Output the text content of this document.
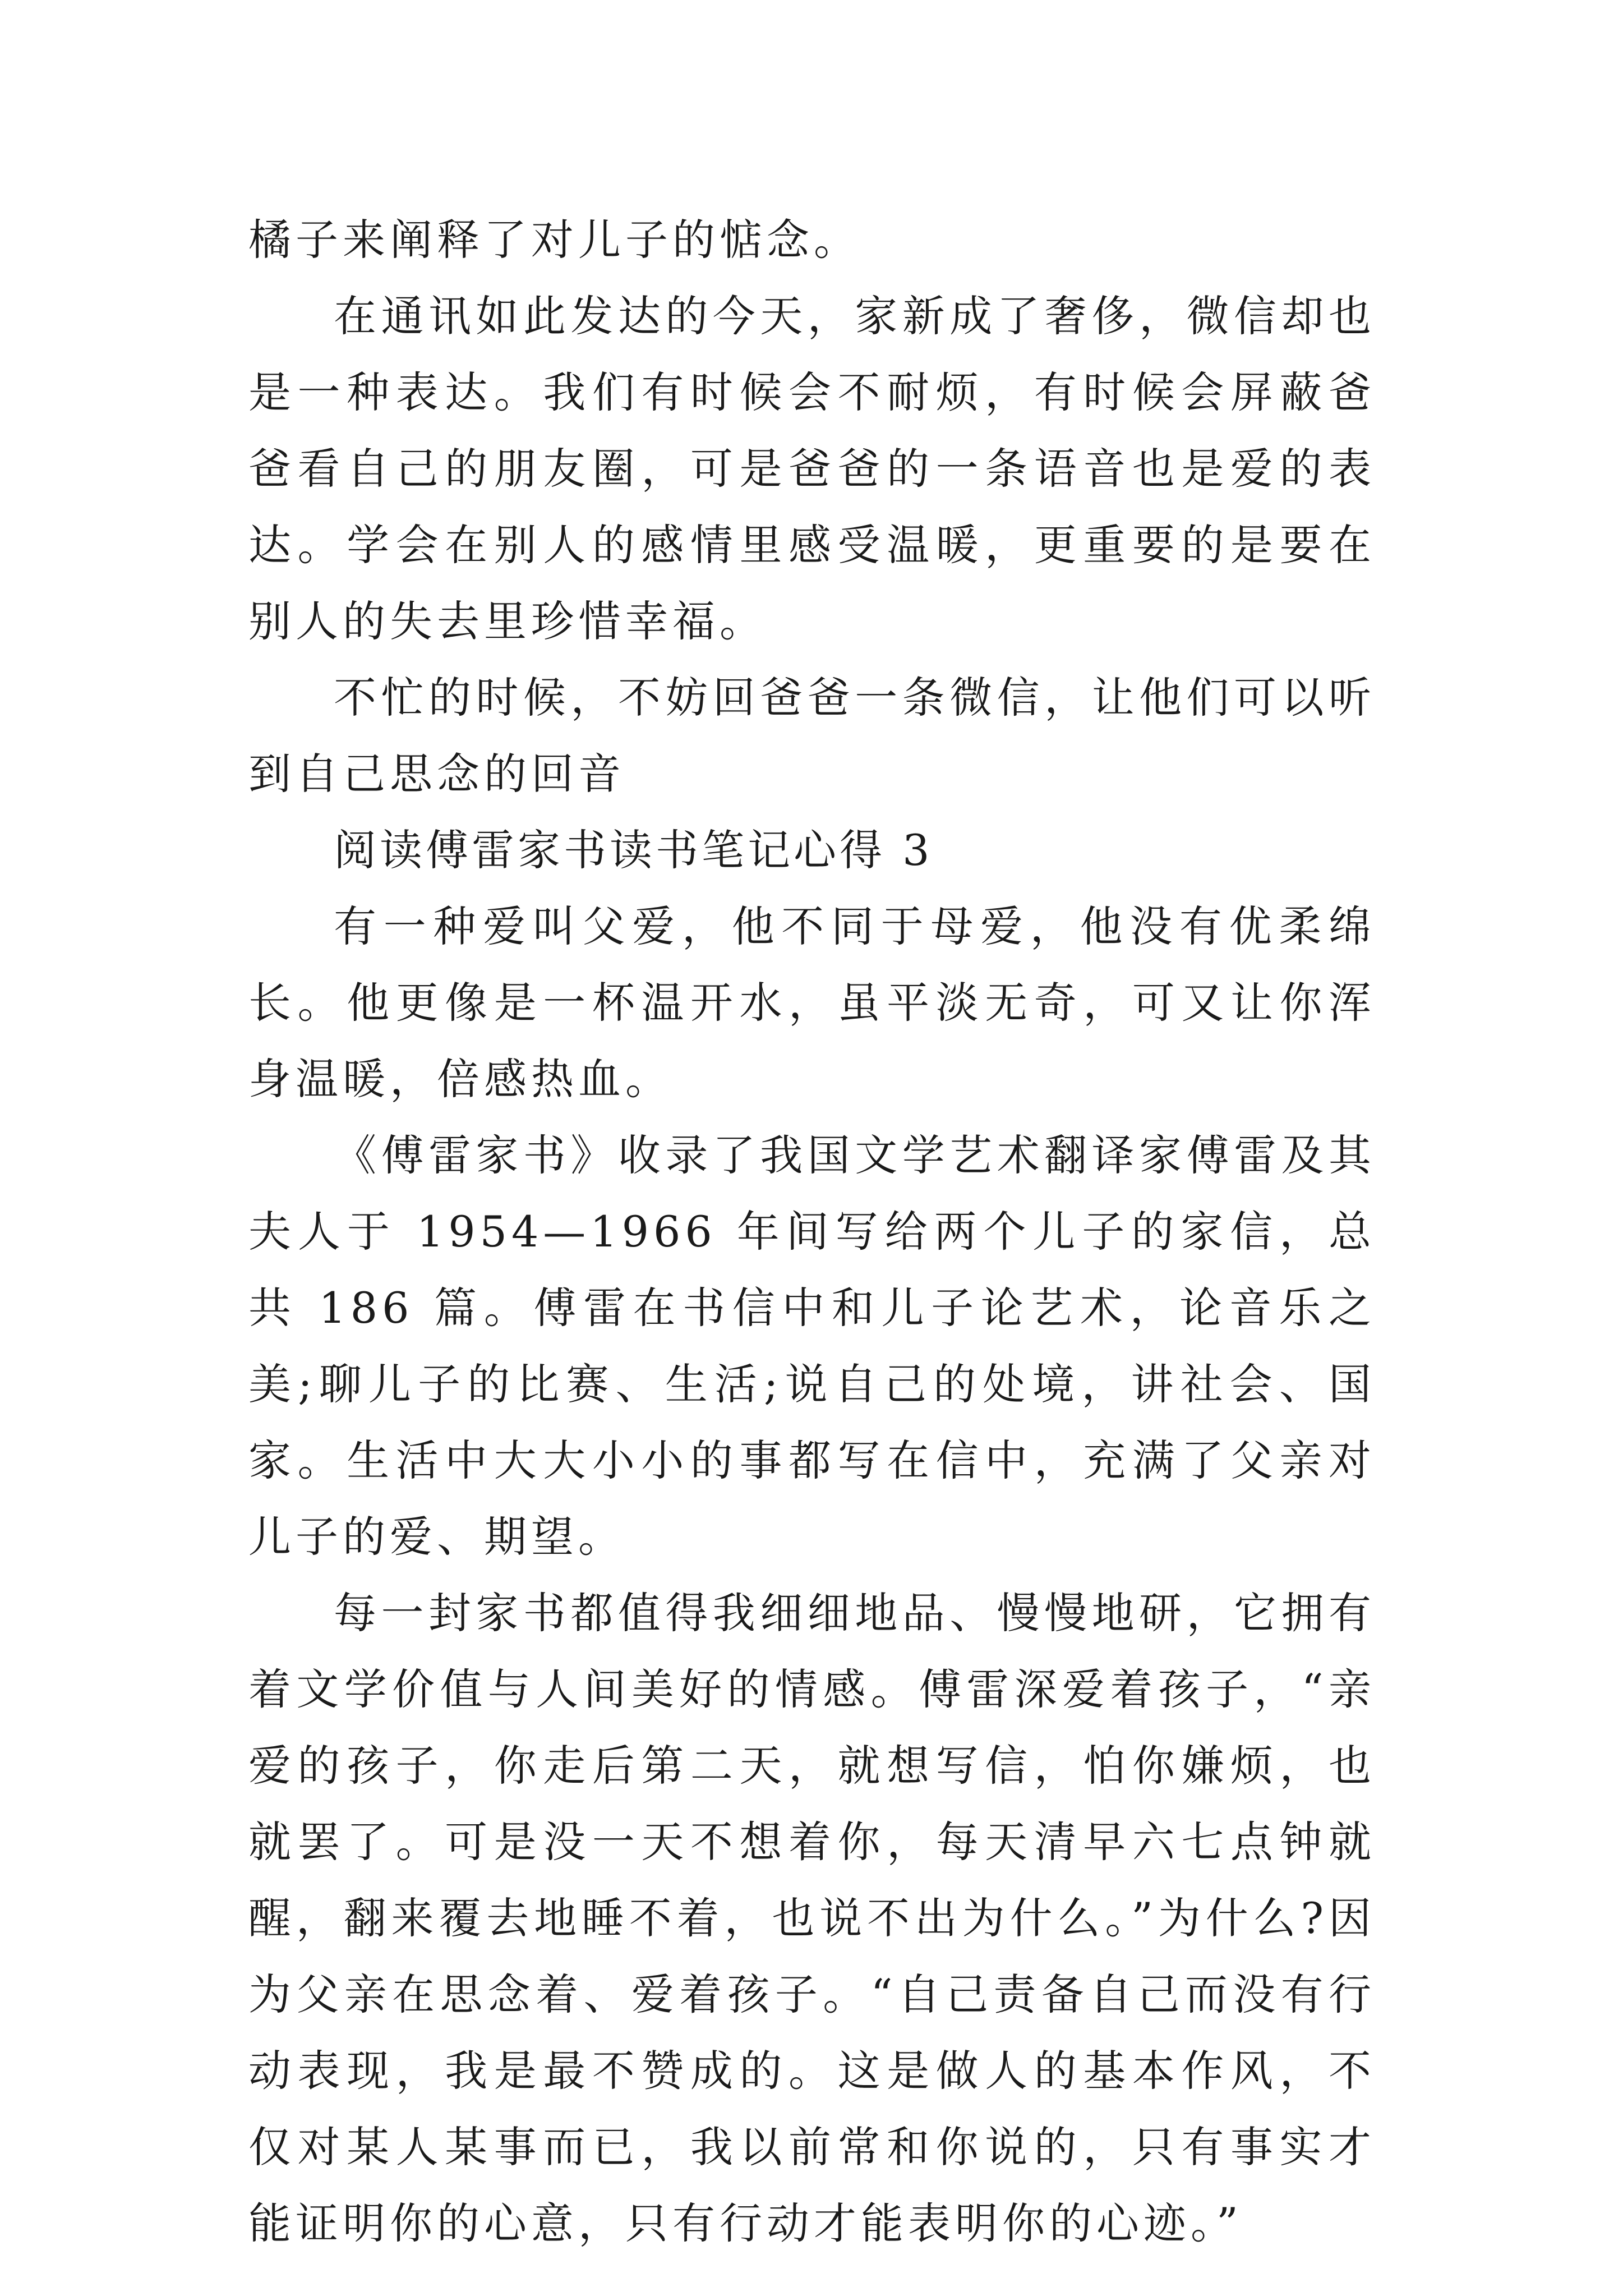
橘子来阐释了对儿子的惦念。

在通讯如此发达的今天，家新成了奢侈，微信却也是一种表达。我们有时候会不耐烦，有时候会屏蔽爸爸看自己的朋友圈，可是爸爸的一条语音也是爱的表达。学会在别人的感情里感受温暖，更重要的是要在别人的失去里珍惜幸福。

不忙的时候，不妨回爸爸一条微信，让他们可以听到自己思念的回音

阅读傅雷家书读书笔记心得 3

有一种爱叫父爱，他不同于母爱，他没有优柔绵长。他更像是一杯温开水，虽平淡无奇，可又让你浑身温暖，倍感热血。

《傅雷家书》收录了我国文学艺术翻译家傅雷及其夫人于 1954—1966 年间写给两个儿子的家信，总共 186 篇。傅雷在书信中和儿子论艺术，论音乐之美;聊儿子的比赛、生活;说自己的处境，讲社会、国家。生活中大大小小的事都写在信中，充满了父亲对儿子的爱、期望。

每一封家书都值得我细细地品、慢慢地研，它拥有着文学价值与人间美好的情感。傅雷深爱着孩子，“亲爱的孩子，你走后第二天，就想写信，怕你嫌烦，也就罢了。可是没一天不想着你，每天清早六七点钟就醒，翻来覆去地睡不着，也说不出为什么。”为什么?因为父亲在思念着、爱着孩子。“自己责备自己而没有行动表现，我是最不赞成的。这是做人的基本作风，不仅对某人某事而已，我以前常和你说的，只有事实才能证明你的心意，只有行动才能表明你的心迹。”
